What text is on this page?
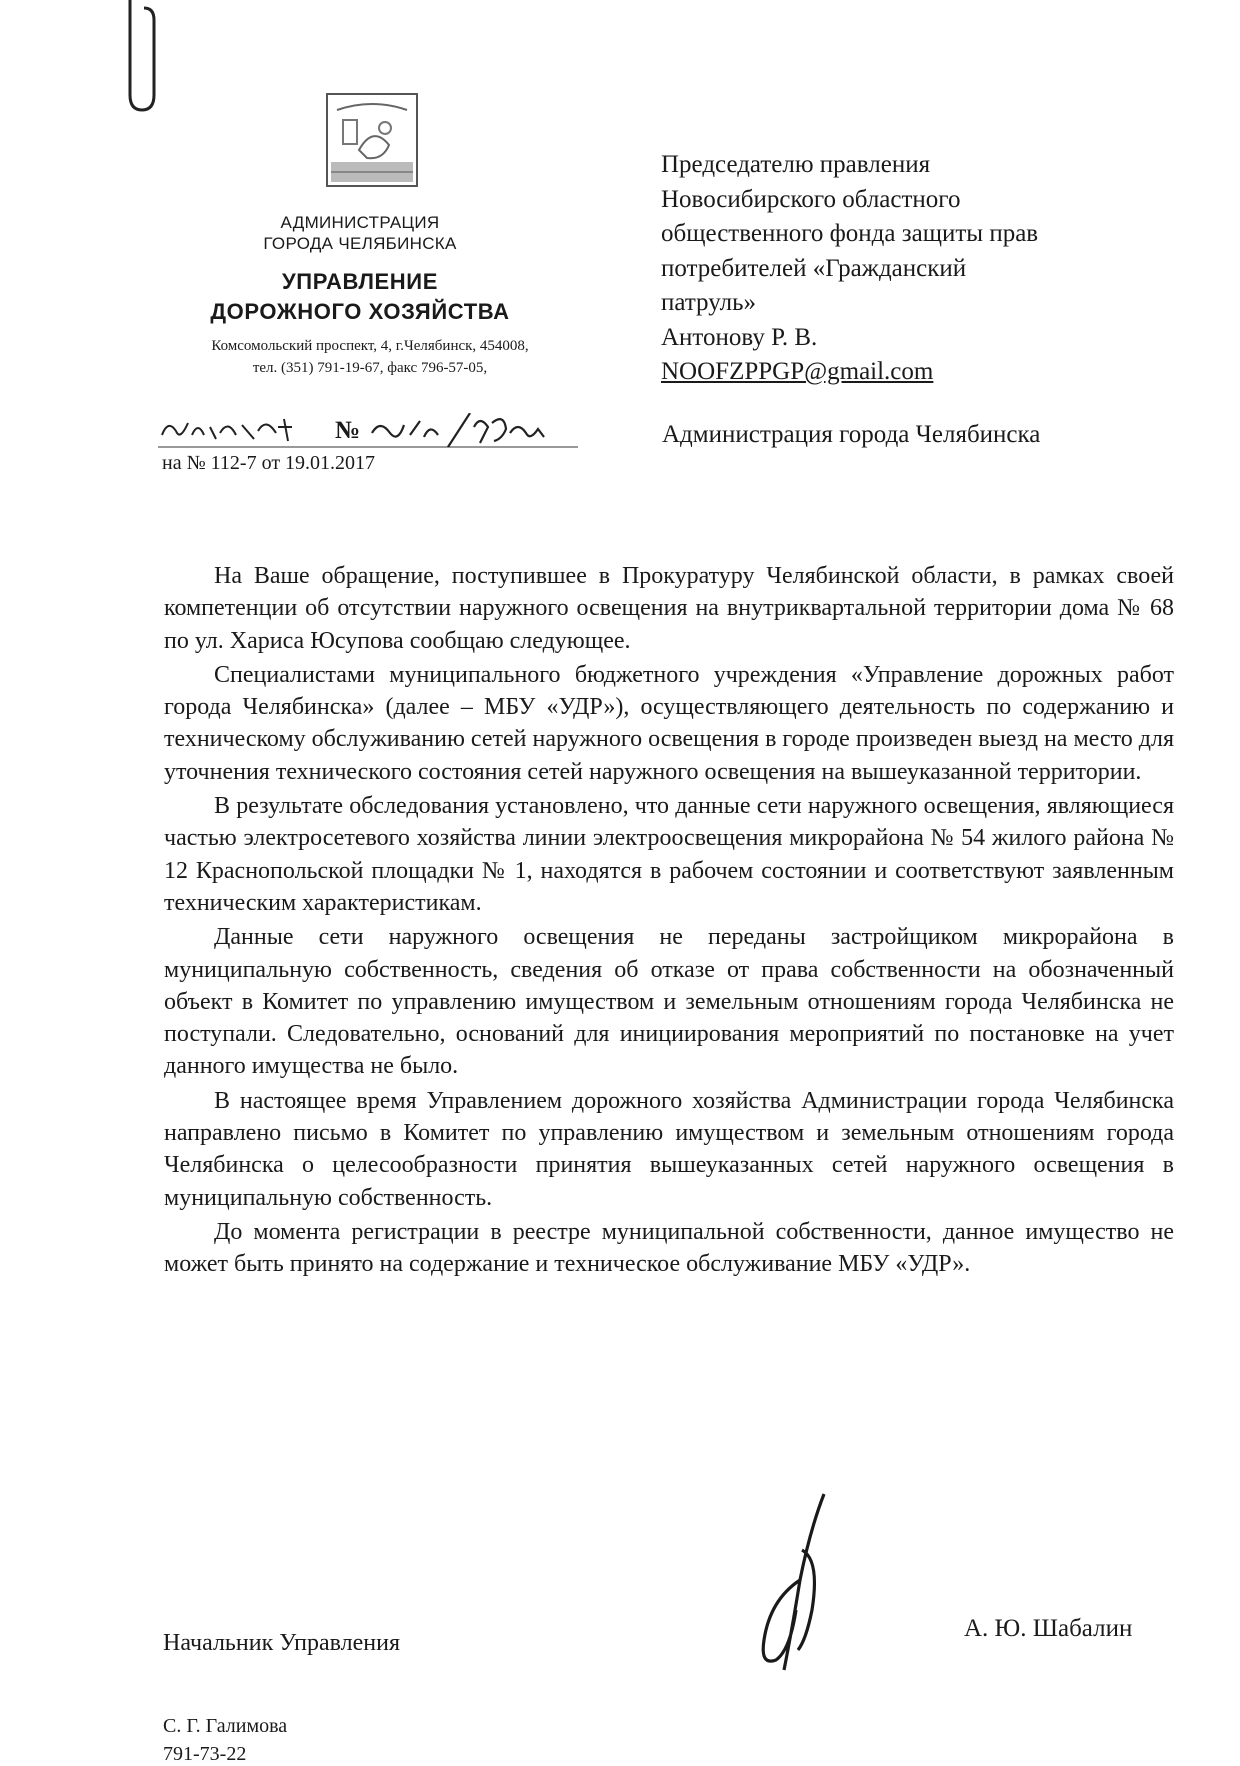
АДМИНИСТРАЦИЯ
ГОРОДА ЧЕЛЯБИНСКА
УПРАВЛЕНИЕ
ДОРОЖНОГО ХОЗЯЙСТВА
Комсомольский проспект, 4, г.Челябинск, 454008,
тел. (351) 791-19-67, факс 796-57-05,
№
на № 112-7 от 19.01.2017
Председателю правления
Новосибирского областного
общественного фонда защиты прав
потребителей «Гражданский
патруль»
Антонову Р. В.
NOOFZPPGP@gmail.com
Администрация города Челябинска

На Ваше обращение, поступившее в Прокуратуру Челябинской области, в рамках своей компетенции об отсутствии наружного освещения на внутриквартальной территории дома № 68 по ул. Хариса Юсупова сообщаю следующее.

Специалистами муниципального бюджетного учреждения «Управление дорожных работ города Челябинска» (далее – МБУ «УДР»), осуществляющего деятельность по содержанию и техническому обслуживанию сетей наружного освещения в городе произведен выезд на место для уточнения технического состояния сетей наружного освещения на вышеуказанной территории.

В результате обследования установлено, что данные сети наружного освещения, являющиеся частью электросетевого хозяйства линии электроосвещения микрорайона № 54 жилого района № 12 Краснопольской площадки № 1, находятся в рабочем состоянии и соответствуют заявленным техническим характеристикам.

Данные сети наружного освещения не переданы застройщиком микрорайона в муниципальную собственность, сведения об отказе от права собственности на обозначенный объект в Комитет по управлению имуществом и земельным отношениям города Челябинска не поступали. Следовательно, оснований для инициирования мероприятий по постановке на учет данного имущества не было.

В настоящее время Управлением дорожного хозяйства Администрации города Челябинска направлено письмо в Комитет по управлению имуществом и земельным отношениям города Челябинска о целесообразности принятия вышеуказанных сетей наружного освещения в муниципальную собственность.

До момента регистрации в реестре муниципальной собственности, данное имущество не может быть принято на содержание и техническое обслуживание МБУ «УДР».

Начальник Управления
А. Ю. Шабалин
С. Г. Галимова
791-73-22
